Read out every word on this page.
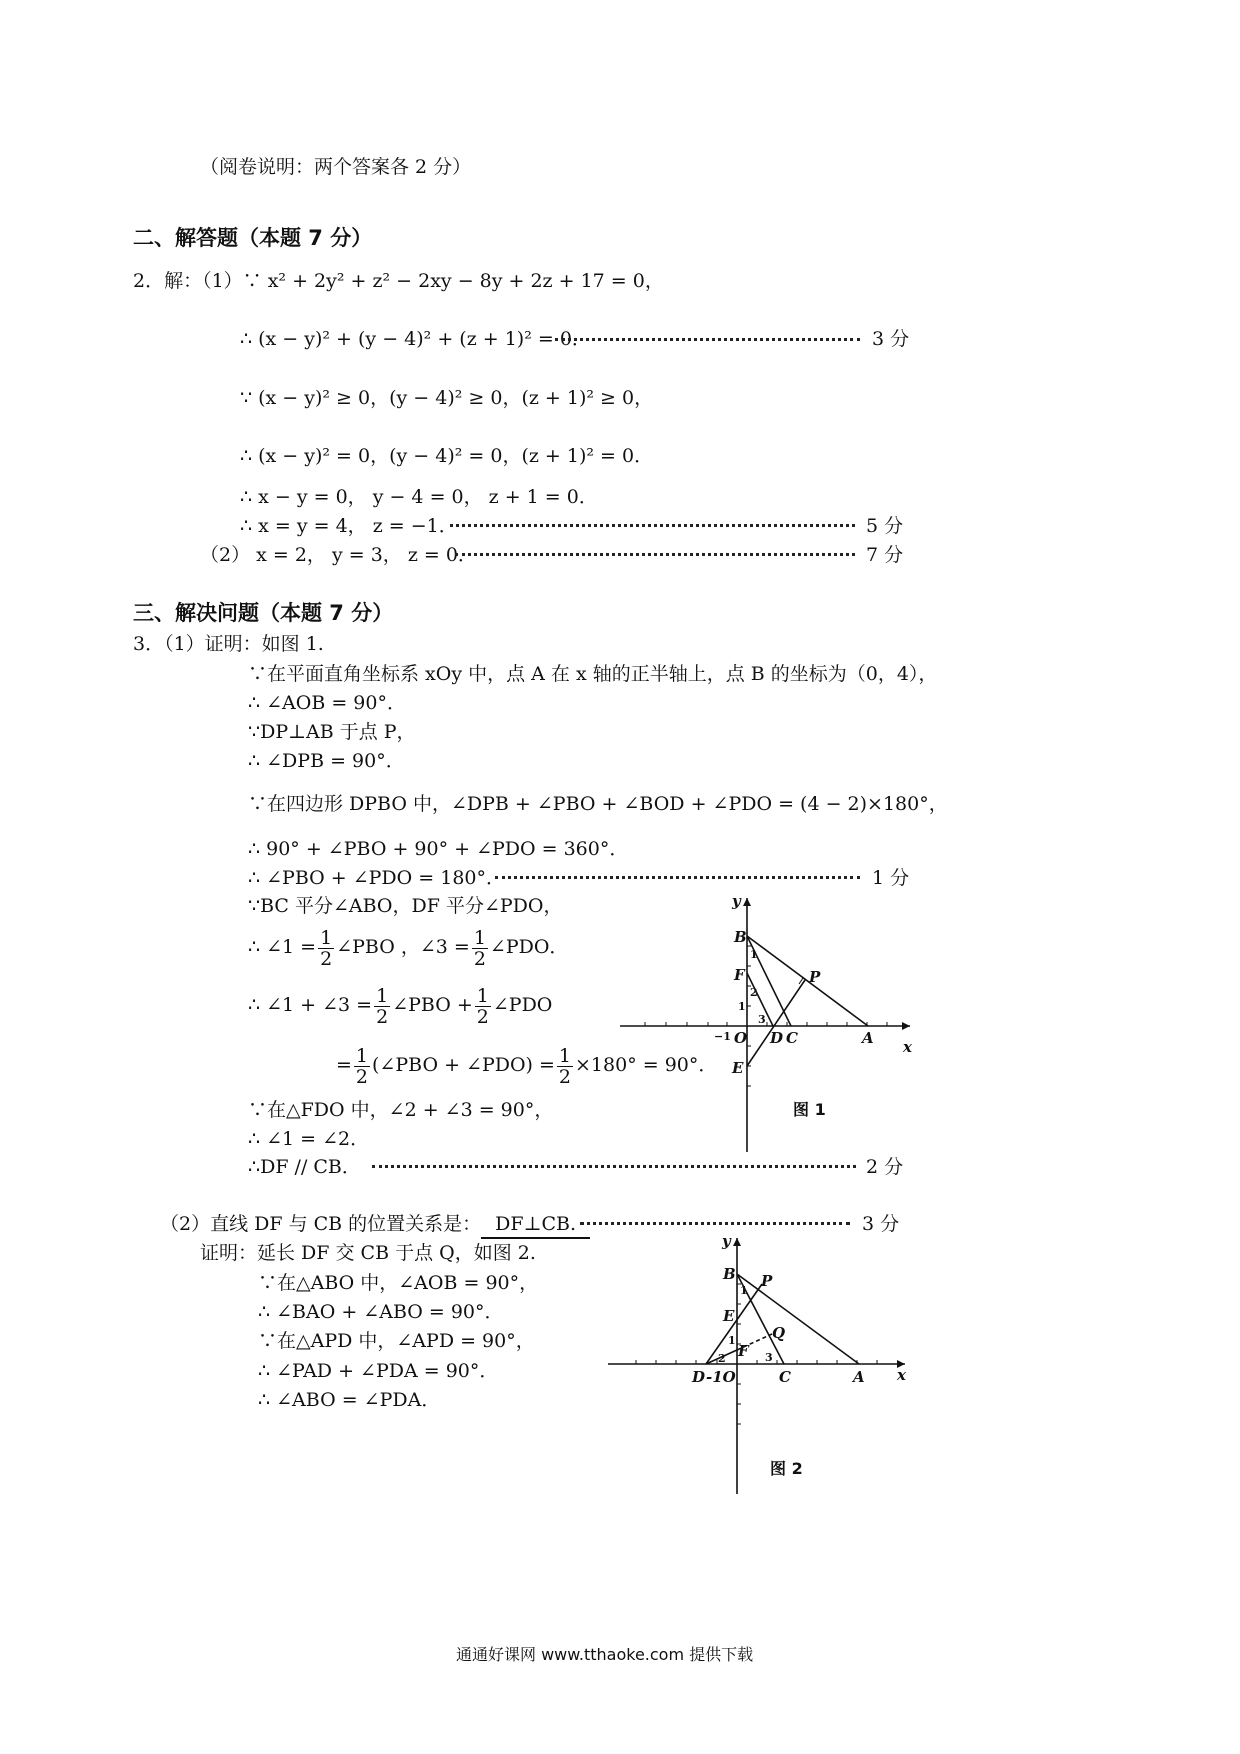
（阅卷说明：两个答案各 2 分）
二、解答题（本题 7 分）
2．解：（1）∵ x² + 2y² + z² − 2xy − 8y + 2z + 17 = 0，
∴ (x − y)² + (y − 4)² + (z + 1)² = 0．	3 分
∵ (x − y)² ≥ 0，(y − 4)² ≥ 0，(z + 1)² ≥ 0，
∴ (x − y)² = 0，(y − 4)² = 0，(z + 1)² = 0．
∴ x − y = 0， y − 4 = 0， z + 1 = 0．
∴ x = y = 4， z = −1．	5 分
（2） x = 2， y = 3， z = 0．	7 分
三、解决问题（本题 7 分）
3．（1）证明：如图 1.
∵在平面直角坐标系 xOy 中，点 A 在 x 轴的正半轴上，点 B 的坐标为（0，4），
∴ ∠AOB = 90°．
∵DP⊥AB 于点 P，
∴ ∠DPB = 90°．
∵在四边形 DPBO 中，∠DPB + ∠PBO + ∠BOD + ∠PDO = (4 − 2)×180°，
∴ 90° + ∠PBO + 90° + ∠PDO = 360°．
∴ ∠PBO + ∠PDO = 180°．	1 分
∵BC 平分∠ABO，DF 平分∠PDO，
∴ ∠1 = $\frac{1}{2}$ ∠PBO ，∠3 = $\frac{1}{2}$ ∠PDO．
∴ ∠1 + ∠3 = $\frac{1}{2}$ ∠PBO + $\frac{1}{2}$ ∠PDO
= $\frac{1}{2}$ (∠PBO + ∠PDO) = $\frac{1}{2} \times 180^\circ = 90^\circ$．
∵在△FDO 中，∠2 + ∠3 = 90°，
∴ ∠1 = ∠2．
∴DF // CB．	2 分
（2）直线 DF 与 CB 的位置关系是： DF⊥CB.	3 分
证明：延长 DF 交 CB 于点 Q，如图 2.
∵在△ABO 中，∠AOB = 90°，
∴ ∠BAO + ∠ABO = 90°．
∵在△APD 中，∠APD = 90°，
∴ ∠PAD + ∠PDA = 90°．
∴ ∠ABO = ∠PDA．
y
x
B
F	P
O D C	A
E
1
−1
1
2
3
图 1
y
x
B P
E
Q
F
D -1O	C	A
1
1
2	3
图 2
通通好课网 www.tthaoke.com 提供下载
